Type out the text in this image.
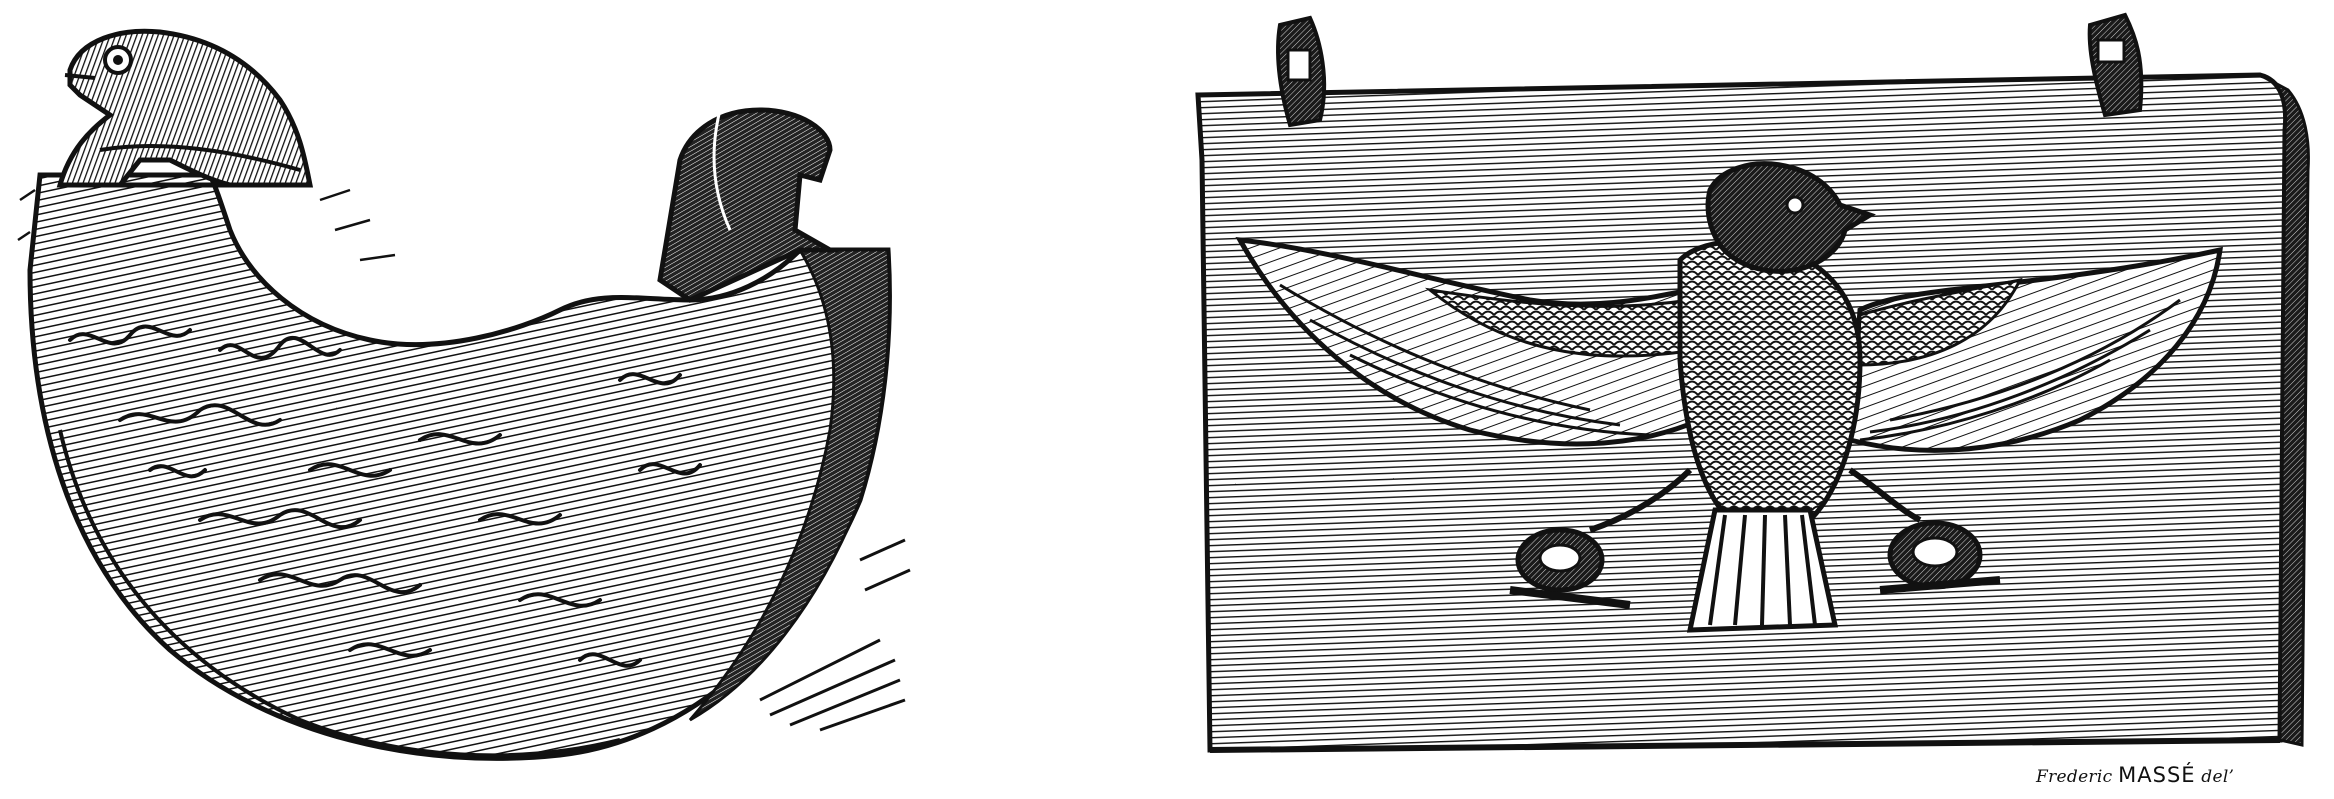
Frederic MASSÉ del’
